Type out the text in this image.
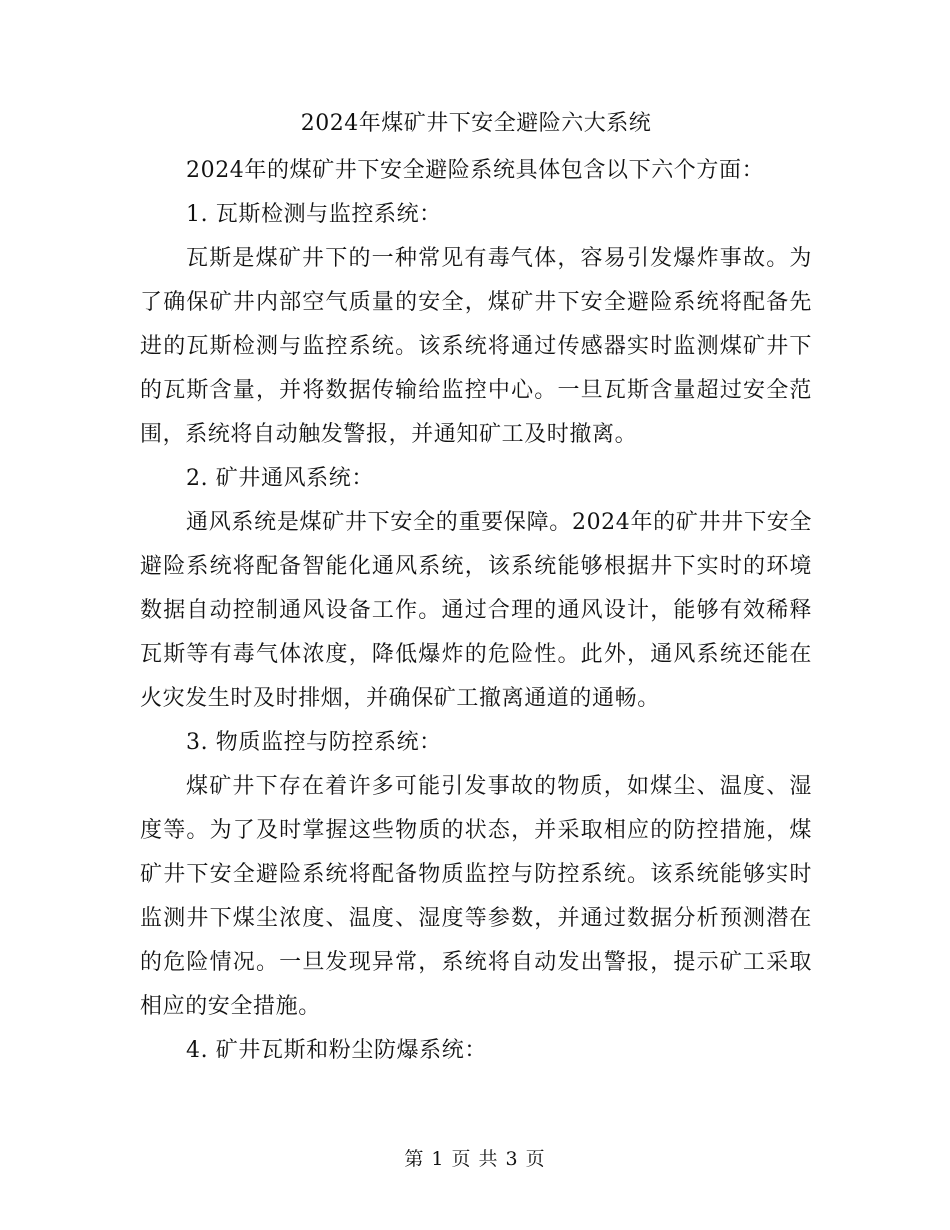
2024年煤矿井下安全避险六大系统

2024年的煤矿井下安全避险系统具体包含以下六个方面：

1. 瓦斯检测与监控系统：

瓦斯是煤矿井下的一种常见有毒气体，容易引发爆炸事故。为了确保矿井内部空气质量的安全，煤矿井下安全避险系统将配备先进的瓦斯检测与监控系统。该系统将通过传感器实时监测煤矿井下的瓦斯含量，并将数据传输给监控中心。一旦瓦斯含量超过安全范围，系统将自动触发警报，并通知矿工及时撤离。

2. 矿井通风系统：

通风系统是煤矿井下安全的重要保障。2024年的矿井井下安全避险系统将配备智能化通风系统，该系统能够根据井下实时的环境数据自动控制通风设备工作。通过合理的通风设计，能够有效稀释瓦斯等有毒气体浓度，降低爆炸的危险性。此外，通风系统还能在火灾发生时及时排烟，并确保矿工撤离通道的通畅。

3. 物质监控与防控系统：

煤矿井下存在着许多可能引发事故的物质，如煤尘、温度、湿度等。为了及时掌握这些物质的状态，并采取相应的防控措施，煤矿井下安全避险系统将配备物质监控与防控系统。该系统能够实时监测井下煤尘浓度、温度、湿度等参数，并通过数据分析预测潜在的危险情况。一旦发现异常，系统将自动发出警报，提示矿工采取相应的安全措施。

4. 矿井瓦斯和粉尘防爆系统：

第 1 页 共 3 页
